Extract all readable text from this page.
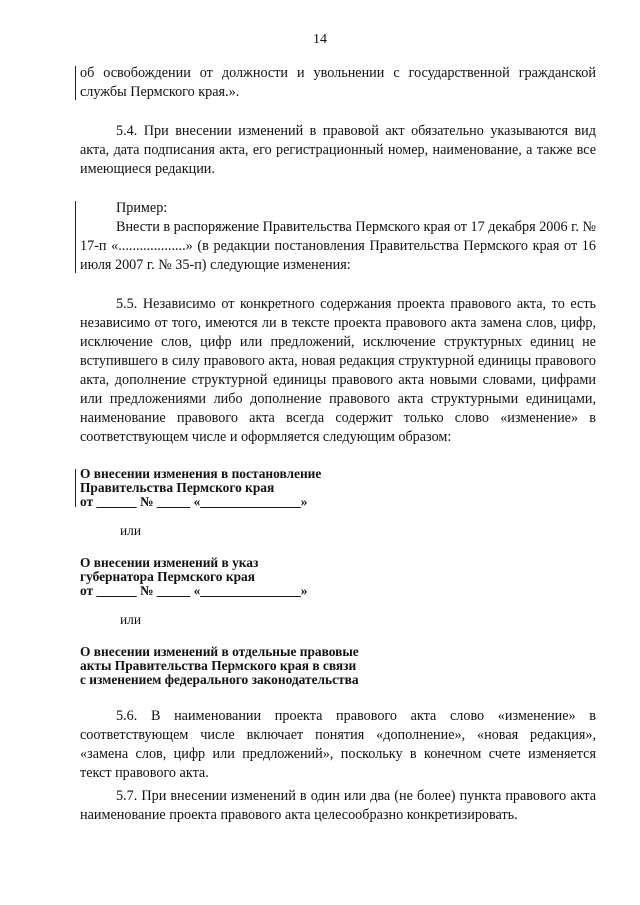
14

об освобождении от должности и увольнении с государственной гражданской службы Пермского края.».

5.4. При внесении изменений в правовой акт обязательно указываются вид акта, дата подписания акта, его регистрационный номер, наименование, а также все имеющиеся редакции.

Пример:

Внести в распоряжение Правительства Пермского края от 17 декабря 2006 г. № 17-п «...................» (в редакции постановления Правительства Пермского края от 16 июля 2007 г. № 35-п) следующие изменения:

5.5. Независимо от конкретного содержания проекта правового акта, то есть независимо от того, имеются ли в тексте проекта правового акта замена слов, цифр, исключение слов, цифр или предложений, исключение структурных единиц не вступившего в силу правового акта, новая редакция структурной единицы правового акта, дополнение структурной единицы правового акта новыми словами, цифрами или предложениями либо дополнение правового акта структурными единицами, наименование правового акта всегда содержит только слово «изменение» в соответствующем числе и оформляется следующим образом:

О внесении изменения в постановление
Правительства Пермского края
от ______ № _____ «_______________»
или
О внесении изменений в указ
губернатора Пермского края
от ______ № _____ «_______________»
или
О внесении изменений в отдельные правовые
акты Правительства Пермского края в связи
с изменением федерального законодательства

5.6. В наименовании проекта правового акта слово «изменение» в соответствующем числе включает понятия «дополнение», «новая редакция», «замена слов, цифр или предложений», поскольку в конечном счете изменяется текст правового акта.

5.7. При внесении изменений в один или два (не более) пункта правового акта наименование проекта правового акта целесообразно конкретизировать.
